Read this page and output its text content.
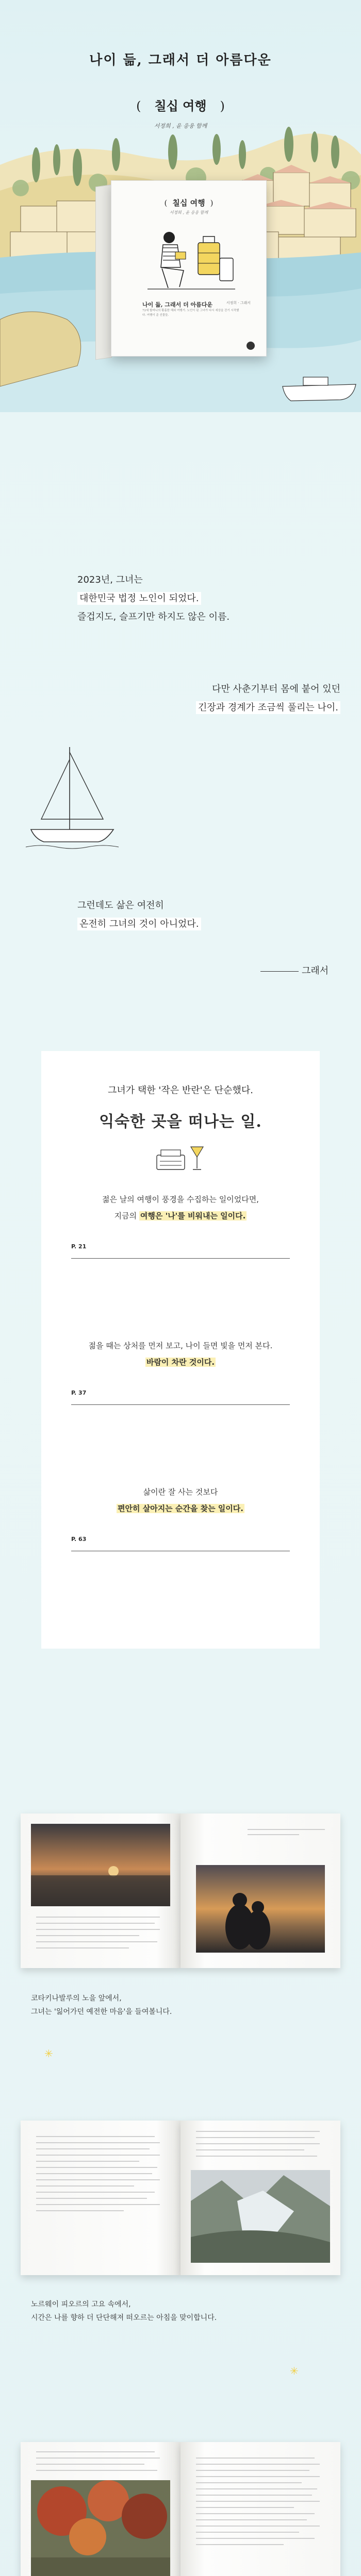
나이 듦, 그래서 더 아름다운
( 칠십 여행 )
서정희 , 윤 응웅 함께
( 칠십 여행 )
서정희 , 윤 응웅 함께
나이 듦, 그래서 더 아름다운
72세 할머니의 황홀한 해외 여행기. 노인이 된 그녀가 다시 세상을 걷기 시작했다. 여행이 준 선물들.
서정희 · 그래서
2023년, 그녀는
대한민국 법정 노인이 되었다.
즐겁지도, 슬프기만 하지도 않은 이름.
다만 사춘기부터 몸에 붙어 있던
긴장과 경계가 조금씩 풀리는 나이.
그런데도 삶은 여전히
온전히 그녀의 것이 아니었다.
그래서
그녀가 택한 '작은 반란'은 단순했다.
익숙한 곳을 떠나는 일.
젊은 날의 여행이 풍경을 수집하는 일이었다면,
지금의 여행은 '나'를 비워내는 일이다.
P. 21
젊을 때는 상처를 먼저 보고, 나이 들면 빛을 먼저 본다.
바람이 차란 것이다.
P. 37
삶이란 잘 사는 것보다
편안히 살아지는 순간을 찾는 일이다.
P. 63
코타키나발루의 노을 앞에서,
그녀는 '잃어가던 예전한 마음'을 들여볼니다.
노르웨이 피오르의 고요 속에서,
시간은 나를 향하 더 단단해져 떠오르는 아침을 맞이합니다.
✳
✳
